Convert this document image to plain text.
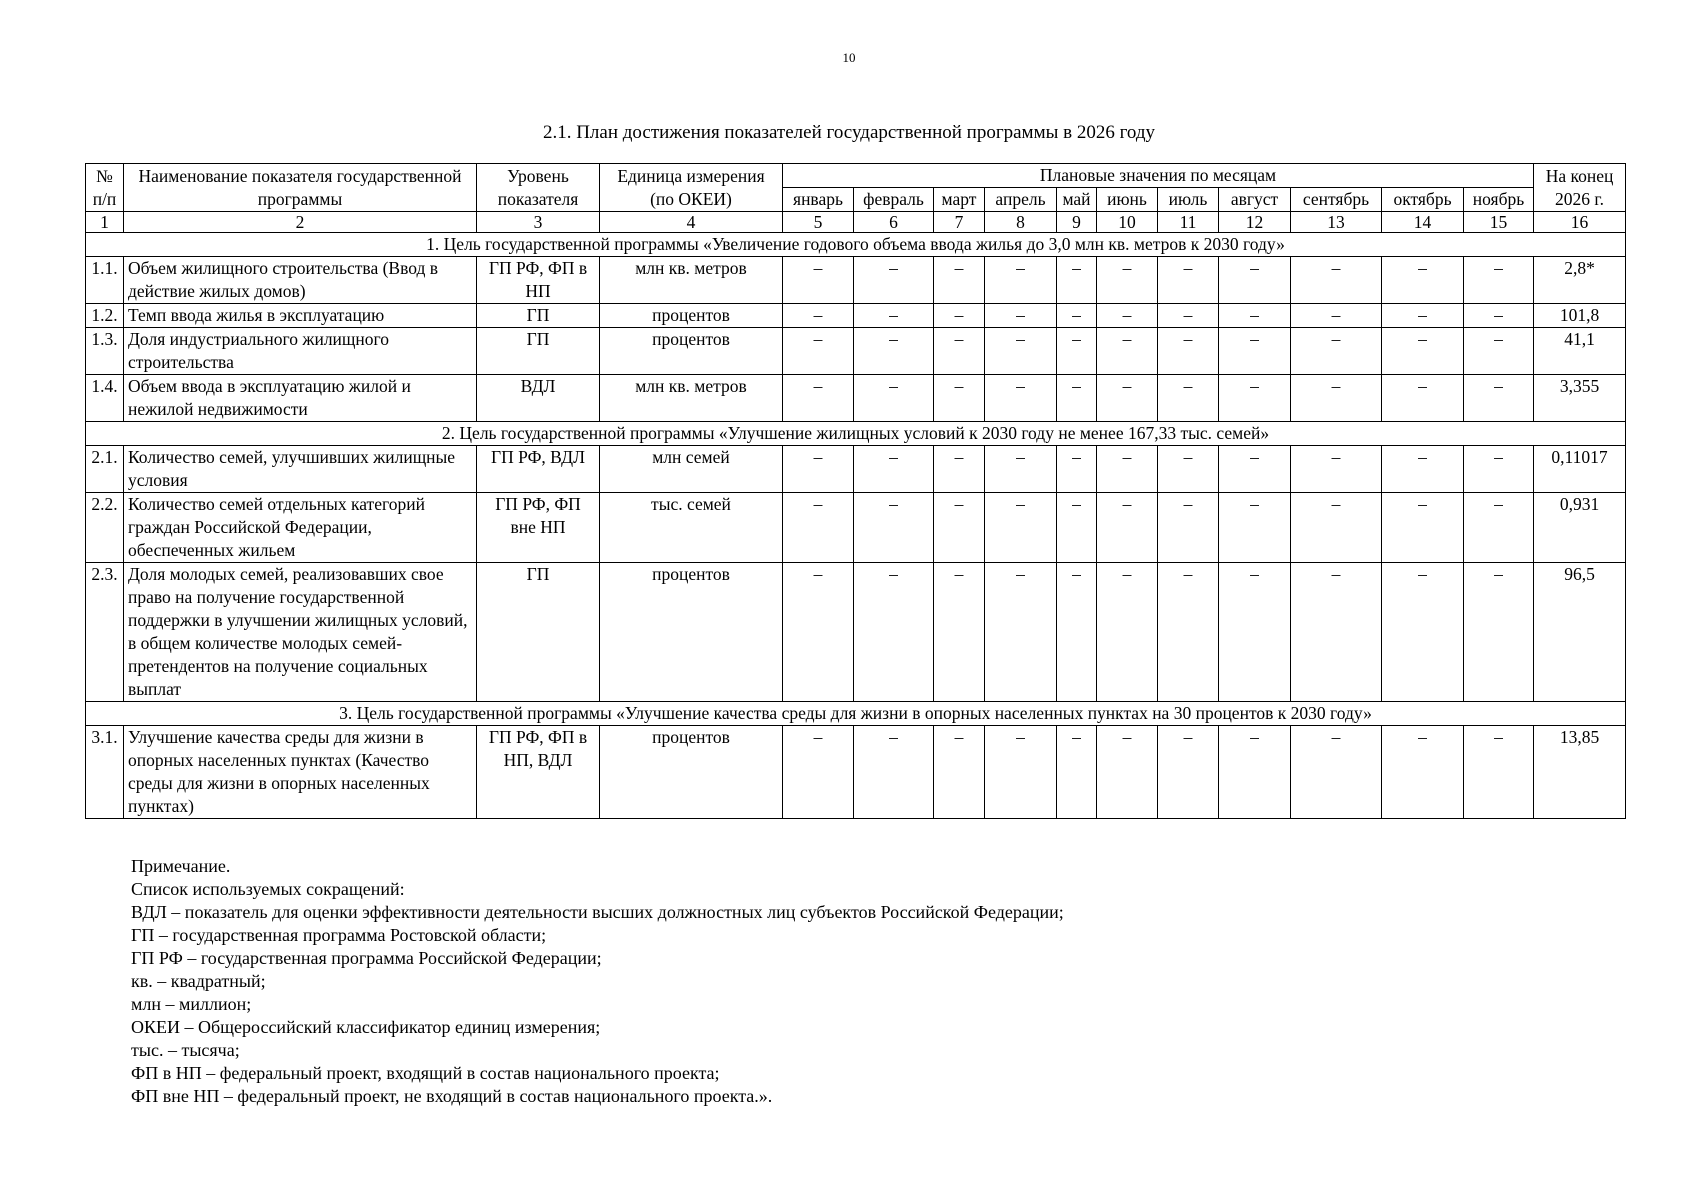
10
2.1. План достижения показателей государственной программы в 2026 году
№ п/п	Наименование показателя государственной программы	Уровень показателя	Единица измерения (по ОКЕИ)	Плановые значения по месяцам											На конец 2026 г.
				январь	февраль	март	апрель	май	июнь	июль	август	сентябрь	октябрь	ноябрь	
1	2	3	4	5	6	7	8	9	10	11	12	13	14	15	16
1. Цель государственной программы «Увеличение годового объема ввода жилья до 3,0 млн кв. метров к 2030 году»															
1.1.	Объем жилищного строительства (Ввод в действие жилых домов)	ГП РФ, ФП в НП	млн кв. метров	–	–	–	–	–	–	–	–	–	–	–	2,8*
1.2.	Темп ввода жилья в эксплуатацию	ГП	процентов	–	–	–	–	–	–	–	–	–	–	–	101,8
1.3.	Доля индустриального жилищного строительства	ГП	процентов	–	–	–	–	–	–	–	–	–	–	–	41,1
1.4.	Объем ввода в эксплуатацию жилой и нежилой недвижимости	ВДЛ	млн кв. метров	–	–	–	–	–	–	–	–	–	–	–	3,355
2. Цель государственной программы «Улучшение жилищных условий к 2030 году не менее 167,33 тыс. семей»															
2.1.	Количество семей, улучшивших жилищные условия	ГП РФ, ВДЛ	млн семей	–	–	–	–	–	–	–	–	–	–	–	0,11017
2.2.	Количество семей отдельных категорий граждан Российской Федерации, обеспеченных жильем	ГП РФ, ФП вне НП	тыс. семей	–	–	–	–	–	–	–	–	–	–	–	0,931
2.3.	Доля молодых семей, реализовавших свое право на получение государственной поддержки в улучшении жилищных условий, в общем количестве молодых семей-претендентов на получение социальных выплат	ГП	процентов	–	–	–	–	–	–	–	–	–	–	–	96,5
3. Цель государственной программы «Улучшение качества среды для жизни в опорных населенных пунктах на 30 процентов к 2030 году»															
3.1.	Улучшение качества среды для жизни в опорных населенных пунктах (Качество среды для жизни в опорных населенных пунктах)	ГП РФ, ФП в НП, ВДЛ	процентов	–	–	–	–	–	–	–	–	–	–	–	13,85
Примечание.
Список используемых сокращений:
ВДЛ – показатель для оценки эффективности деятельности высших должностных лиц субъектов Российской Федерации;
ГП – государственная программа Ростовской области;
ГП РФ – государственная программа Российской Федерации;
кв. – квадратный;
млн – миллион;
ОКЕИ – Общероссийский классификатор единиц измерения;
тыс. – тысяча;
ФП в НП – федеральный проект, входящий в состав национального проекта;
ФП вне НП – федеральный проект, не входящий в состав национального проекта.».
